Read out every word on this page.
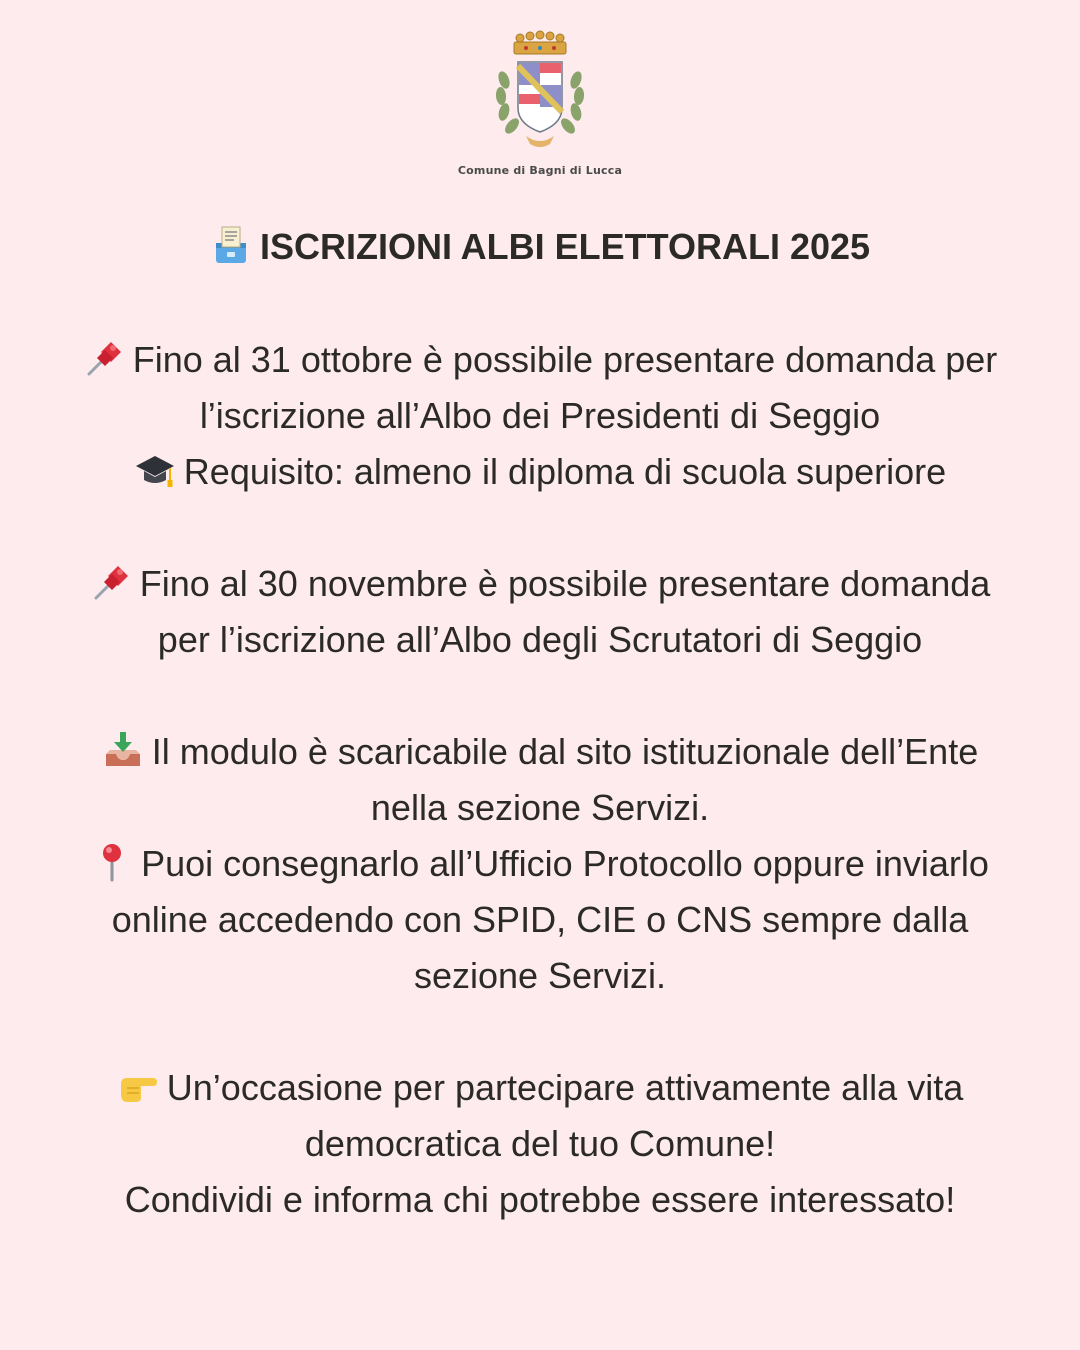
Comune di Bagni di Lucca
ISCRIZIONI ALBI ELETTORALI 2025
Fino al 31 ottobre è possibile presentare domanda per
l’iscrizione all’Albo dei Presidenti di Seggio
Requisito: almeno il diploma di scuola superiore
Fino al 30 novembre è possibile presentare domanda
per l’iscrizione all’Albo degli Scrutatori di Seggio
Il modulo è scaricabile dal sito istituzionale dell’Ente
nella sezione Servizi.
Puoi consegnarlo all’Ufficio Protocollo oppure inviarlo
online accedendo con SPID, CIE o CNS sempre dalla
sezione Servizi.
Un’occasione per partecipare attivamente alla vita
democratica del tuo Comune!
Condividi e informa chi potrebbe essere interessato!
